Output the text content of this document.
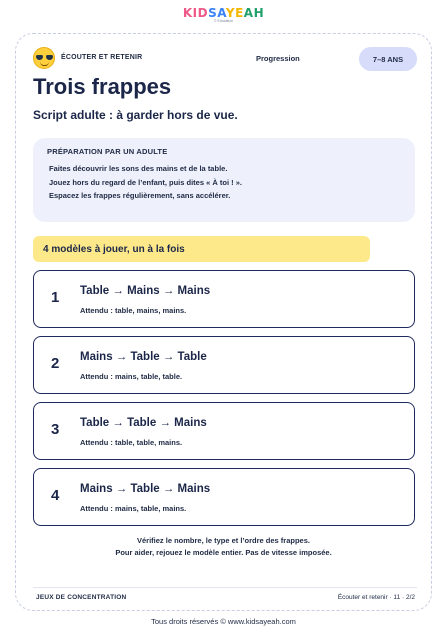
KIDSAYEAH
© Education
ÉCOUTER ET RETENIR	Progression	7–8 ANS
Trois frappes
Script adulte : à garder hors de vue.
PRÉPARATION PAR UN ADULTE
Faites découvrir les sons des mains et de la table.
Jouez hors du regard de l’enfant, puis dites « À toi ! ».
Espacez les frappes régulièrement, sans accélérer.
4 modèles à jouer, un à la fois
1 Table → Mains → Mains
Attendu : table, mains, mains.
2 Mains → Table → Table
Attendu : mains, table, table.
3 Table → Table → Mains
Attendu : table, table, mains.
4 Mains → Table → Mains
Attendu : mains, table, mains.
Vérifiez le nombre, le type et l’ordre des frappes.
Pour aider, rejouez le modèle entier. Pas de vitesse imposée.
JEUX DE CONCENTRATION	Écouter et retenir · 11 · 2/2
Tous droits réservés © www.kidsayeah.com
